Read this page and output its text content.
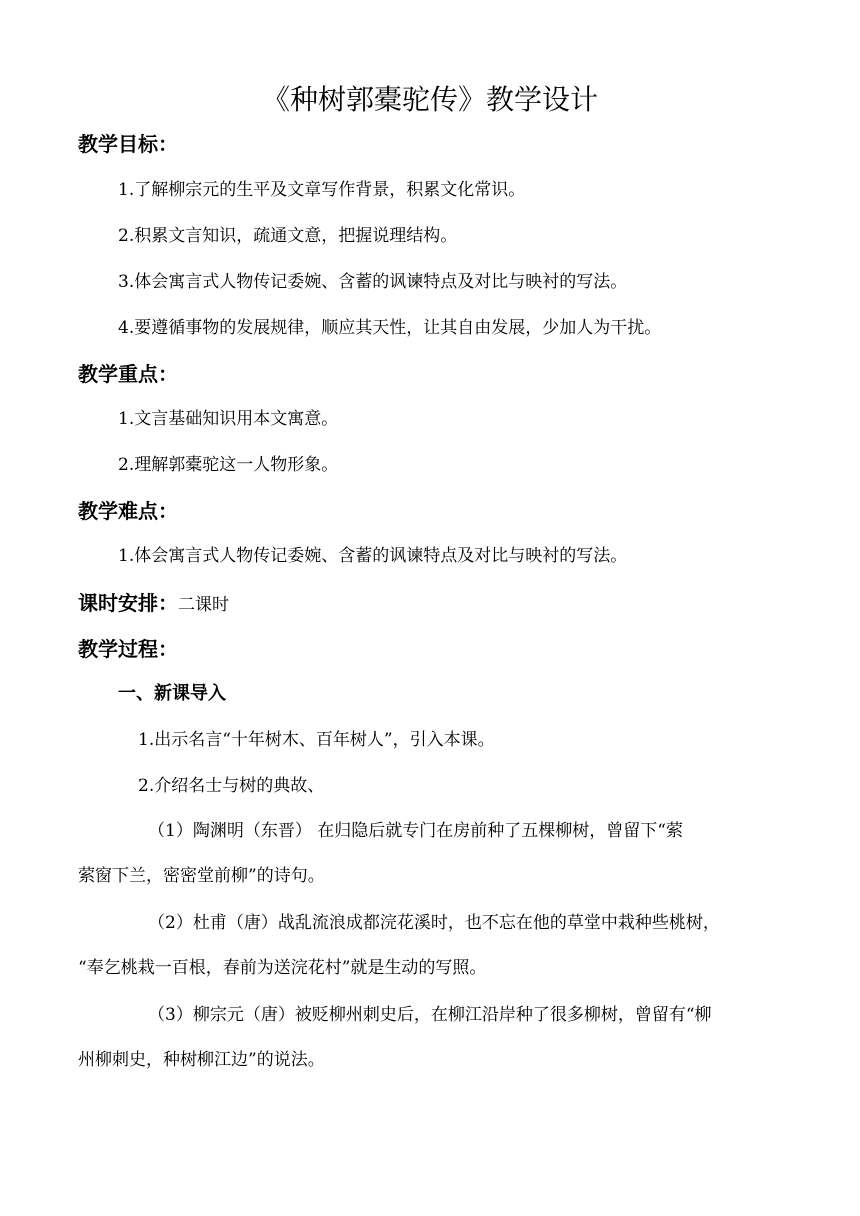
《种树郭橐驼传》教学设计
教学目标：
1.了解柳宗元的生平及文章写作背景，积累文化常识。
2.积累文言知识，疏通文意，把握说理结构。
3.体会寓言式人物传记委婉、含蓄的讽谏特点及对比与映衬的写法。
4.要遵循事物的发展规律，顺应其天性，让其自由发展，少加人为干扰。
教学重点：
1.文言基础知识用本文寓意。
2.理解郭橐驼这一人物形象。
教学难点：
1.体会寓言式人物传记委婉、含蓄的讽谏特点及对比与映衬的写法。
课时安排：二课时
教学过程：
一、新课导入
1.出示名言“十年树木、百年树人”，引入本课。
2.介绍名士与树的典故、
（1）陶渊明（东晋） 在归隐后就专门在房前种了五棵柳树，曾留下“萦
萦窗下兰，密密堂前柳”的诗句。
（2）杜甫（唐）战乱流浪成都浣花溪时，也不忘在他的草堂中栽种些桃树，
“奉乞桃栽一百根，春前为送浣花村”就是生动的写照。
（3）柳宗元（唐）被贬柳州刺史后，在柳江沿岸种了很多柳树，曾留有“柳
州柳刺史，种树柳江边”的说法。
